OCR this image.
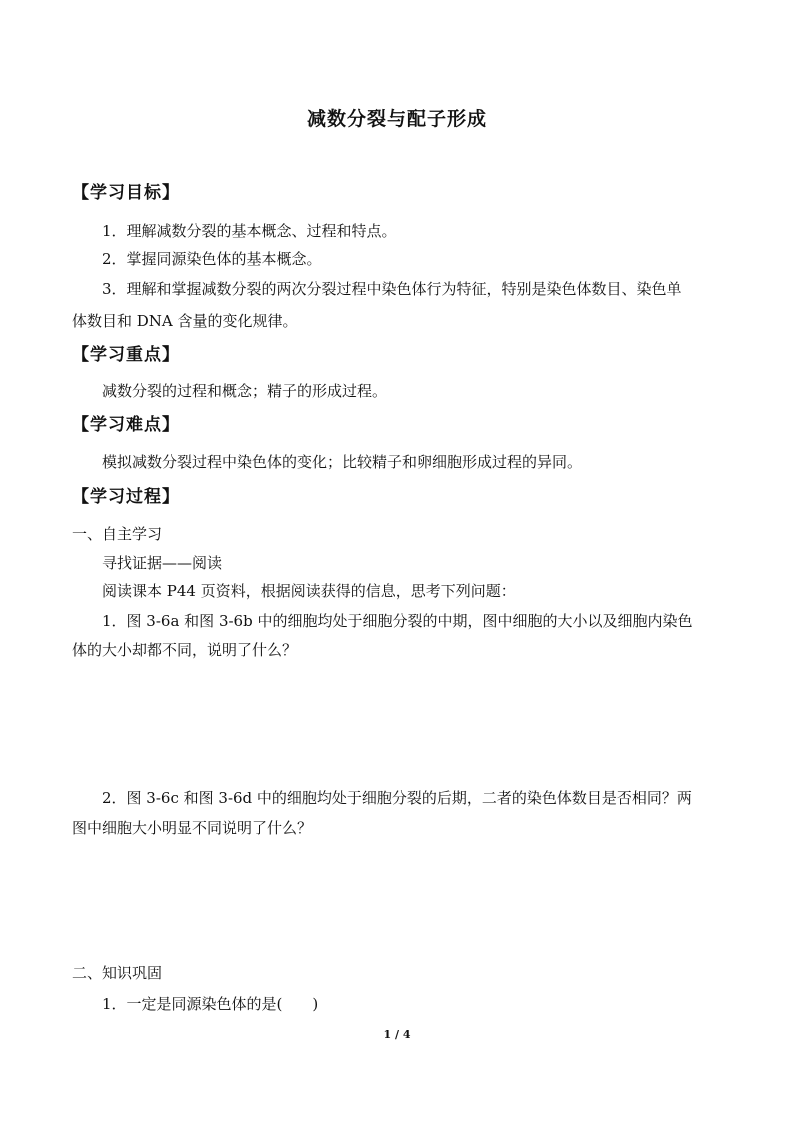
减数分裂与配子形成
【学习目标】
1．理解减数分裂的基本概念、过程和特点。
2．掌握同源染色体的基本概念。
3．理解和掌握减数分裂的两次分裂过程中染色体行为特征，特别是染色体数目、染色单
体数目和 DNA 含量的变化规律。
【学习重点】
减数分裂的过程和概念；精子的形成过程。
【学习难点】
模拟减数分裂过程中染色体的变化；比较精子和卵细胞形成过程的异同。
【学习过程】
一、自主学习
寻找证据——阅读
阅读课本 P44 页资料，根据阅读获得的信息，思考下列问题：
1．图 3-6a 和图 3-6b 中的细胞均处于细胞分裂的中期，图中细胞的大小以及细胞内染色
体的大小却都不同，说明了什么？
2．图 3-6c 和图 3-6d 中的细胞均处于细胞分裂的后期，二者的染色体数目是否相同？两
图中细胞大小明显不同说明了什么？
二、知识巩固
1．一定是同源染色体的是(　　)
1 / 4
